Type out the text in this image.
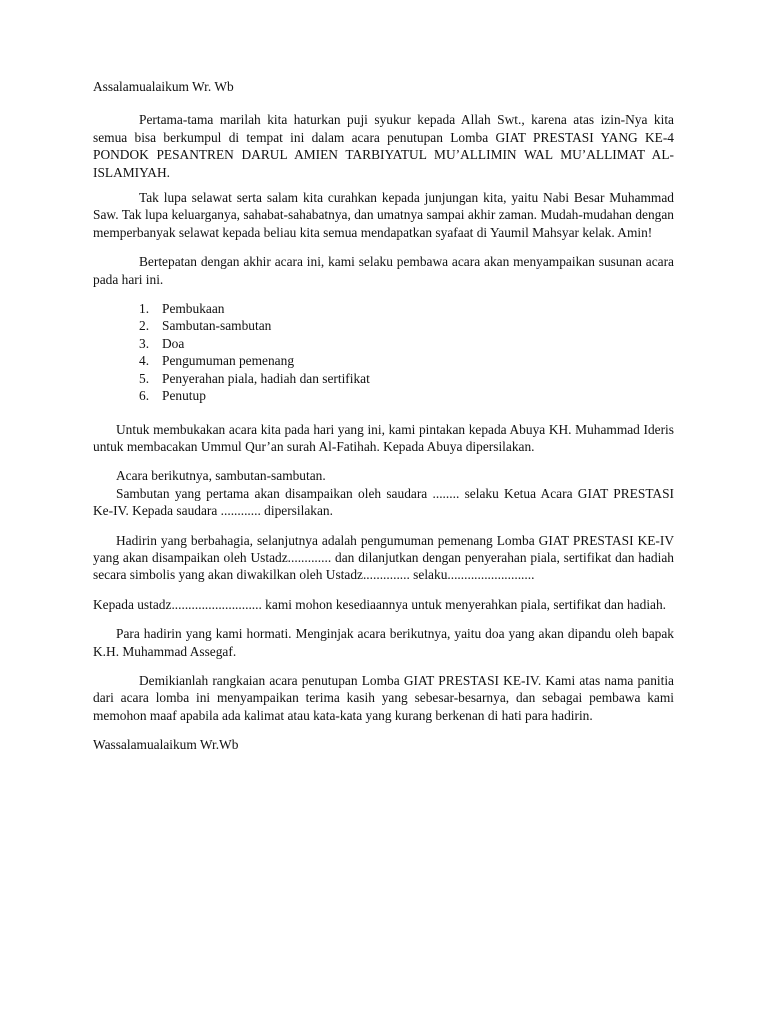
Assalamualaikum Wr. Wb

Pertama-tama marilah kita haturkan puji syukur kepada Allah Swt., karena atas izin-Nya kita semua bisa berkumpul di tempat ini dalam acara penutupan Lomba GIAT PRESTASI YANG KE-4 PONDOK PESANTREN DARUL AMIEN TARBIYATUL MU’ALLIMIN WAL MU’ALLIMAT AL-ISLAMIYAH.

Tak lupa selawat serta salam kita curahkan kepada junjungan kita, yaitu Nabi Besar Muhammad Saw. Tak lupa keluarganya, sahabat-sahabatnya, dan umatnya sampai akhir zaman. Mudah-mudahan dengan memperbanyak selawat kepada beliau kita semua mendapatkan syafaat di Yaumil Mahsyar kelak. Amin!

Bertepatan dengan akhir acara ini, kami selaku pembawa acara akan menyampaikan susunan acara pada hari ini.

1. Pembukaan
2. Sambutan-sambutan
3. Doa
4. Pengumuman pemenang
5. Penyerahan piala, hadiah dan sertifikat
6. Penutup

Untuk membukakan acara kita pada hari yang ini, kami pintakan kepada Abuya KH. Muhammad Ideris untuk membacakan Ummul Qur’an surah Al-Fatihah. Kepada Abuya dipersilakan.

Acara berikutnya, sambutan-sambutan.

Sambutan yang pertama akan disampaikan oleh saudara ........ selaku Ketua Acara GIAT PRESTASI Ke-IV. Kepada saudara ............ dipersilakan.

Hadirin yang berbahagia, selanjutnya adalah pengumuman pemenang Lomba GIAT PRESTASI KE-IV yang akan disampaikan oleh Ustadz............. dan dilanjutkan dengan penyerahan piala, sertifikat dan hadiah secara simbolis yang akan diwakilkan oleh Ustadz.............. selaku..........................

Kepada ustadz........................... kami mohon kesediaannya untuk menyerahkan piala, sertifikat dan hadiah.

Para hadirin yang kami hormati. Menginjak acara berikutnya, yaitu doa yang akan dipandu oleh bapak K.H. Muhammad Assegaf.

Demikianlah rangkaian acara penutupan Lomba GIAT PRESTASI KE-IV. Kami atas nama panitia dari acara lomba ini menyampaikan terima kasih yang sebesar-besarnya, dan sebagai pembawa kami memohon maaf apabila ada kalimat atau kata-kata yang kurang berkenan di hati para hadirin.

Wassalamualaikum Wr.Wb
